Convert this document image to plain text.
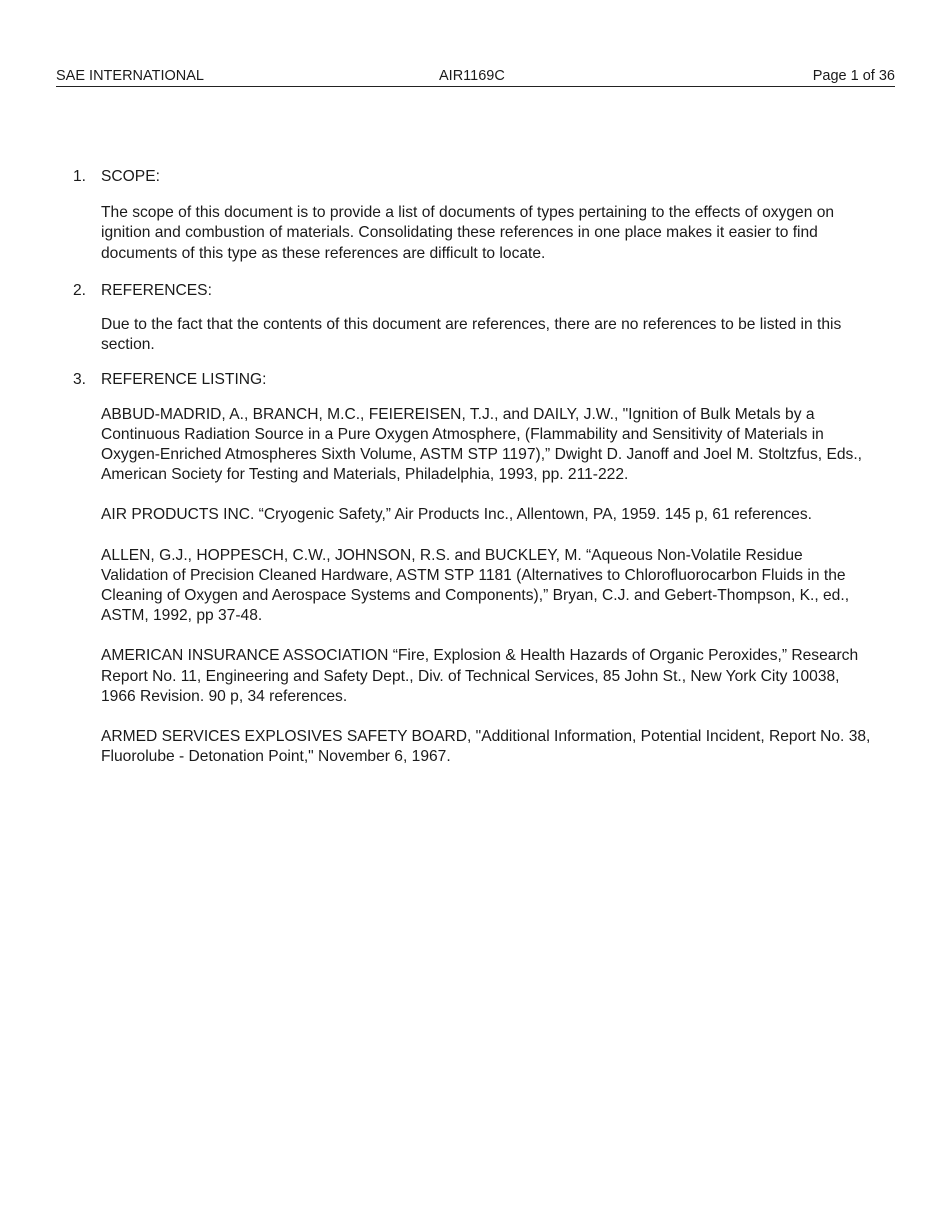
SAE INTERNATIONAL	AIR1169C	Page 1 of 36
1. SCOPE:

The scope of this document is to provide a list of documents of types pertaining to the effects of oxygen on ignition and combustion of materials. Consolidating these references in one place makes it easier to find documents of this type as these references are difficult to locate.

2. REFERENCES:

Due to the fact that the contents of this document are references, there are no references to be listed in this section.

3. REFERENCE LISTING:

ABBUD-MADRID, A., BRANCH, M.C., FEIEREISEN, T.J., and DAILY, J.W., "Ignition of Bulk Metals by a Continuous Radiation Source in a Pure Oxygen Atmosphere, (Flammability and Sensitivity of Materials in Oxygen-Enriched Atmospheres Sixth Volume, ASTM STP 1197),” Dwight D. Janoff and Joel M. Stoltzfus, Eds., American Society for Testing and Materials, Philadelphia, 1993, pp. 211-222.

AIR PRODUCTS INC. “Cryogenic Safety,” Air Products Inc., Allentown, PA, 1959. 145 p, 61 references.

ALLEN, G.J., HOPPESCH, C.W., JOHNSON, R.S. and BUCKLEY, M. “Aqueous Non-Volatile Residue Validation of Precision Cleaned Hardware, ASTM STP 1181 (Alternatives to Chlorofluorocarbon Fluids in the Cleaning of Oxygen and Aerospace Systems and Components),” Bryan, C.J. and Gebert-Thompson, K., ed., ASTM, 1992, pp 37-48.

AMERICAN INSURANCE ASSOCIATION “Fire, Explosion & Health Hazards of Organic Peroxides,” Research Report No. 11, Engineering and Safety Dept., Div. of Technical Services, 85 John St., New York City 10038, 1966 Revision. 90 p, 34 references.

ARMED SERVICES EXPLOSIVES SAFETY BOARD, "Additional Information, Potential Incident, Report No. 38, Fluorolube - Detonation Point," November 6, 1967.
